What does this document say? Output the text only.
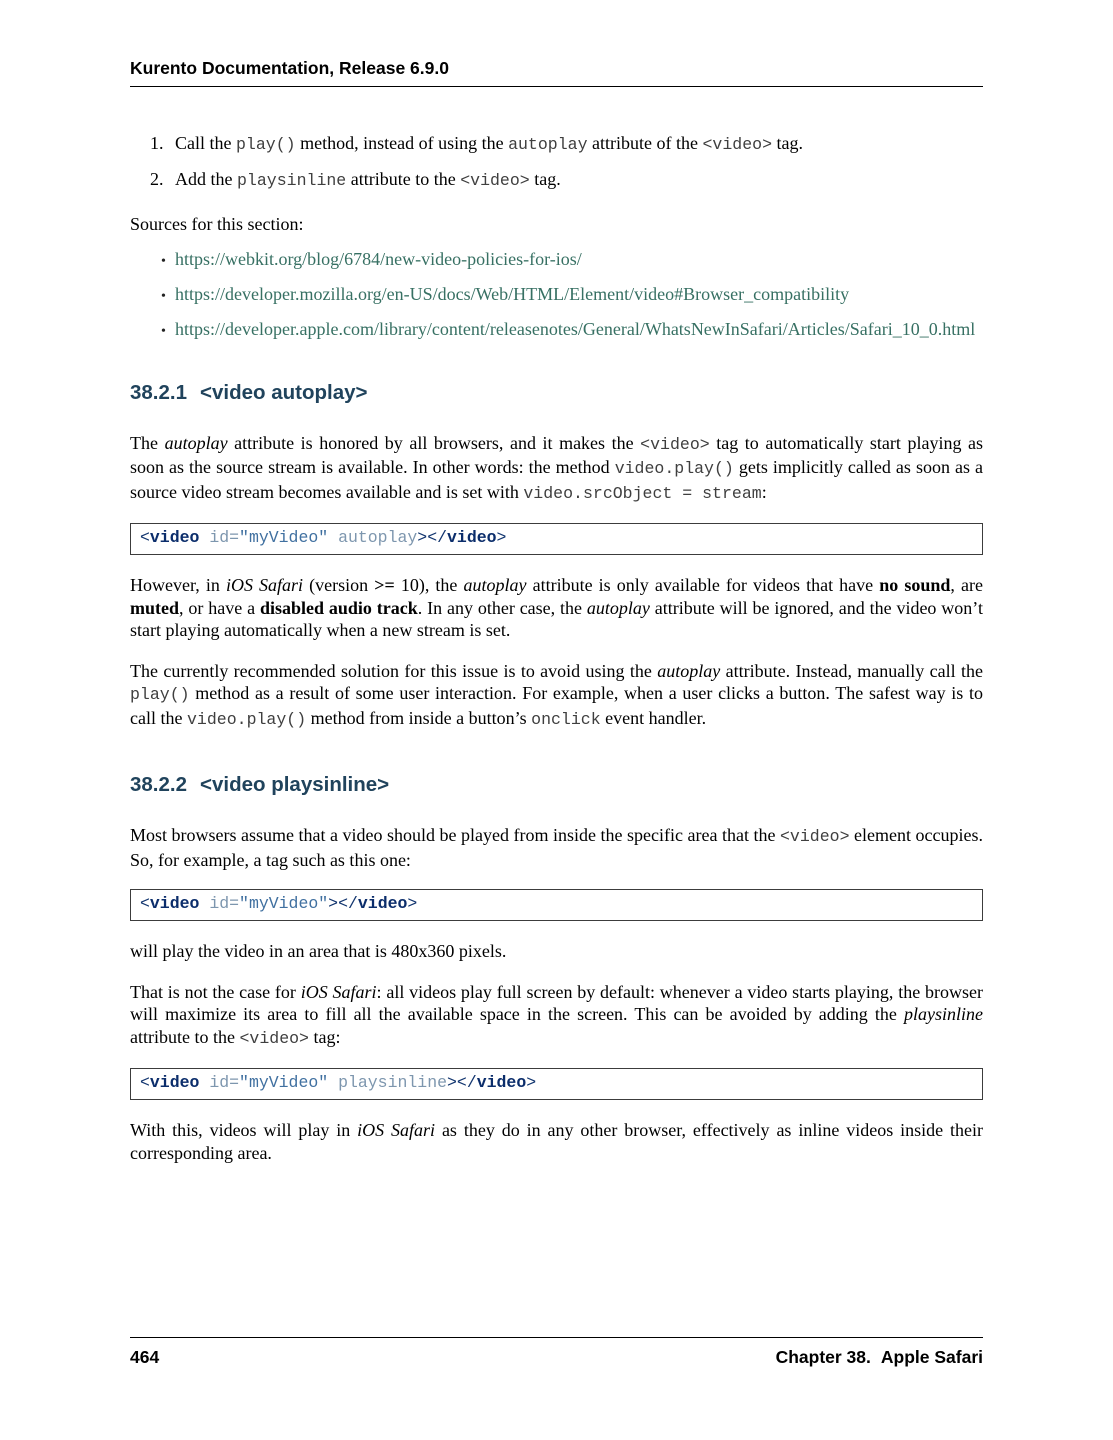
Kurento Documentation, Release 6.9.0
1. Call the play() method, instead of using the autoplay attribute of the <video> tag.
2. Add the playsinline attribute to the <video> tag.

Sources for this section:

• https://webkit.org/blog/6784/new-video-policies-for-ios/
• https://developer.mozilla.org/en-US/docs/Web/HTML/Element/video#Browser_compatibility
• https://developer.apple.com/library/content/releasenotes/General/WhatsNewInSafari/Articles/Safari_10_0.html
38.2.1 <video autoplay>

The autoplay attribute is honored by all browsers, and it makes the <video> tag to automatically start playing as soon as the source stream is available. In other words: the method video.play() gets implicitly called as soon as a source video stream becomes available and is set with video.srcObject = stream:

<video id="myVideo" autoplay></video>

However, in iOS Safari (version >= 10), the autoplay attribute is only available for videos that have no sound, are muted, or have a disabled audio track. In any other case, the autoplay attribute will be ignored, and the video won’t start playing automatically when a new stream is set.

The currently recommended solution for this issue is to avoid using the autoplay attribute. Instead, manually call the play() method as a result of some user interaction. For example, when a user clicks a button. The safest way is to call the video.play() method from inside a button’s onclick event handler.

38.2.2 <video playsinline>

Most browsers assume that a video should be played from inside the specific area that the <video> element occupies. So, for example, a tag such as this one:

<video id="myVideo"></video>

will play the video in an area that is 480x360 pixels.

That is not the case for iOS Safari: all videos play full screen by default: whenever a video starts playing, the browser will maximize its area to fill all the available space in the screen. This can be avoided by adding the playsinline attribute to the <video> tag:

<video id="myVideo" playsinline></video>

With this, videos will play in iOS Safari as they do in any other browser, effectively as inline videos inside their corresponding area.

464	Chapter 38. Apple Safari
